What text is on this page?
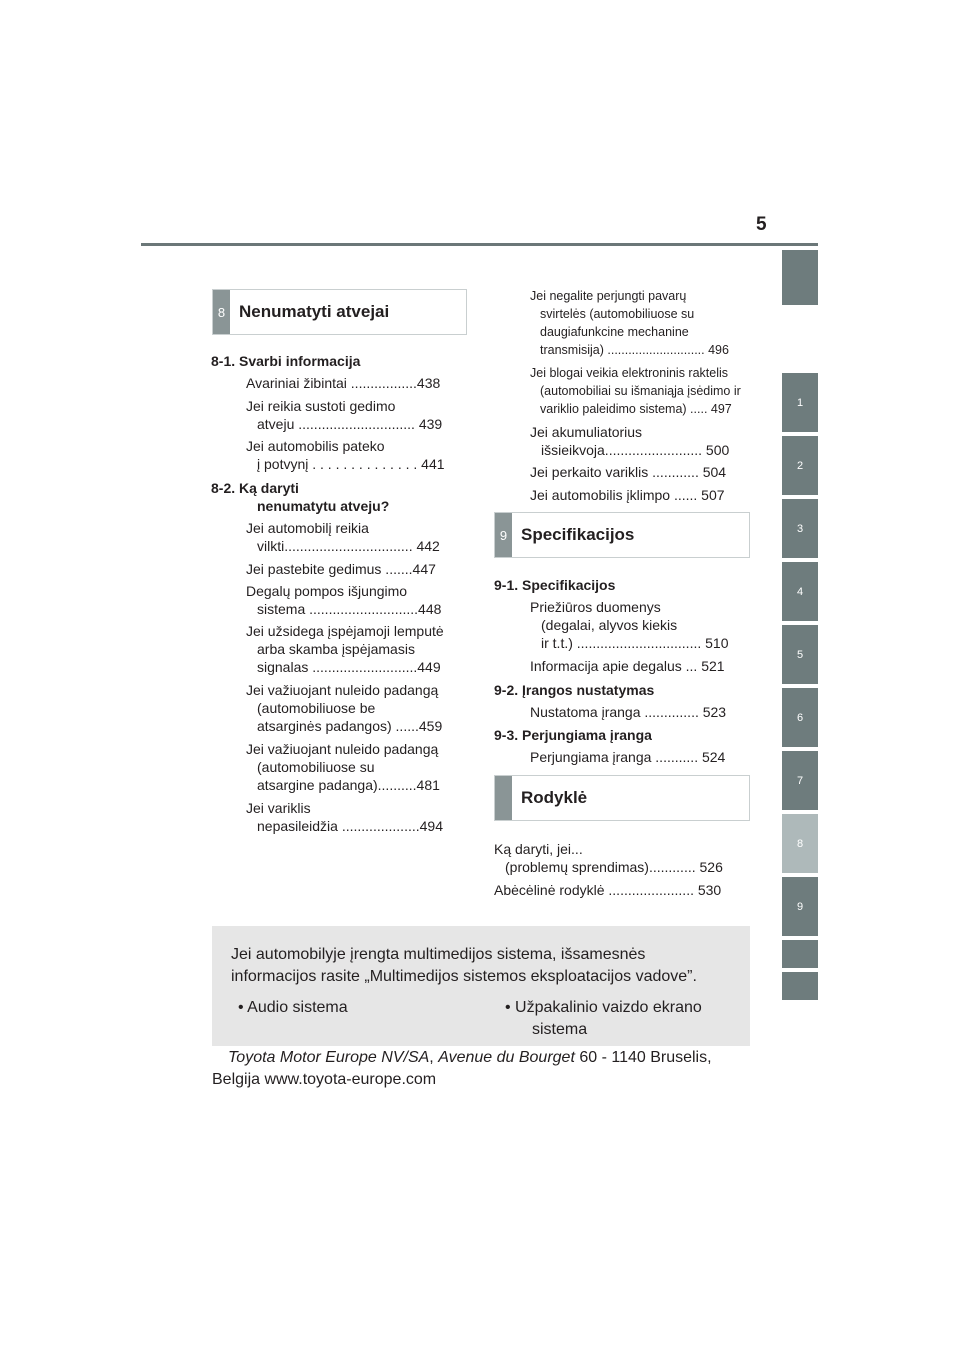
5
1
2
3
4
5
6
7
8
9
8 Nenumatyti atvejai
8-1. Svarbi informacija
Avariniai žibintai .................438
Jei reikia sustoti gedimo
atveju .............................. 439
Jei automobilis pateko
į potvynį . . . . . . . . . . . . . . 441
8-2. Ką daryti
nenumatytu atveju?
Jei automobilį reikia
vilkti................................. 442
Jei pastebite gedimus .......447
Degalų pompos išjungimo
sistema ............................448
Jei užsidega įspėjamoji lemputė
arba skamba įspėjamasis
signalas ...........................449
Jei važiuojant nuleido padangą
(automobiliuose be
atsarginės padangos) ......459
Jei važiuojant nuleido padangą
(automobiliuose su
atsargine padanga)..........481
Jei variklis
nepasileidžia ....................494
Jei negalite perjungti pavarų
svirtelės (automobiliuose su
daugiafunkcine mechanine
transmisija) ............................ 496
Jei blogai veikia elektroninis raktelis
(automobiliai su išmaniąja įsėdimo ir
variklio paleidimo sistema) ..... 497
Jei akumuliatorius
išsieikvoja......................... 500
Jei perkaito variklis ............ 504
Jei automobilis įklimpo ...... 507
9 Specifikacijos
9-1. Specifikacijos
Priežiūros duomenys
(degalai, alyvos kiekis
ir t.t.) ................................ 510
Informacija apie degalus ... 521
9-2. Įrangos nustatymas
Nustatoma įranga .............. 523
9-3. Perjungiama įranga
Perjungiama įranga ........... 524
Rodyklė
Ką daryti, jei...
(problemų sprendimas)............ 526
Abėcėlinė rodyklė ...................... 530
Jei automobilyje įrengta multimedijos sistema, išsamesnės
informacijos rasite „Multimedijos sistemos eksploatacijos vadove”.
• Audio sistema	• Užpakalinio vaizdo ekrano
sistema
Toyota Motor Europe NV/SA, Avenue du Bourget 60 - 1140 Bruselis,
Belgija www.toyota-europe.com
